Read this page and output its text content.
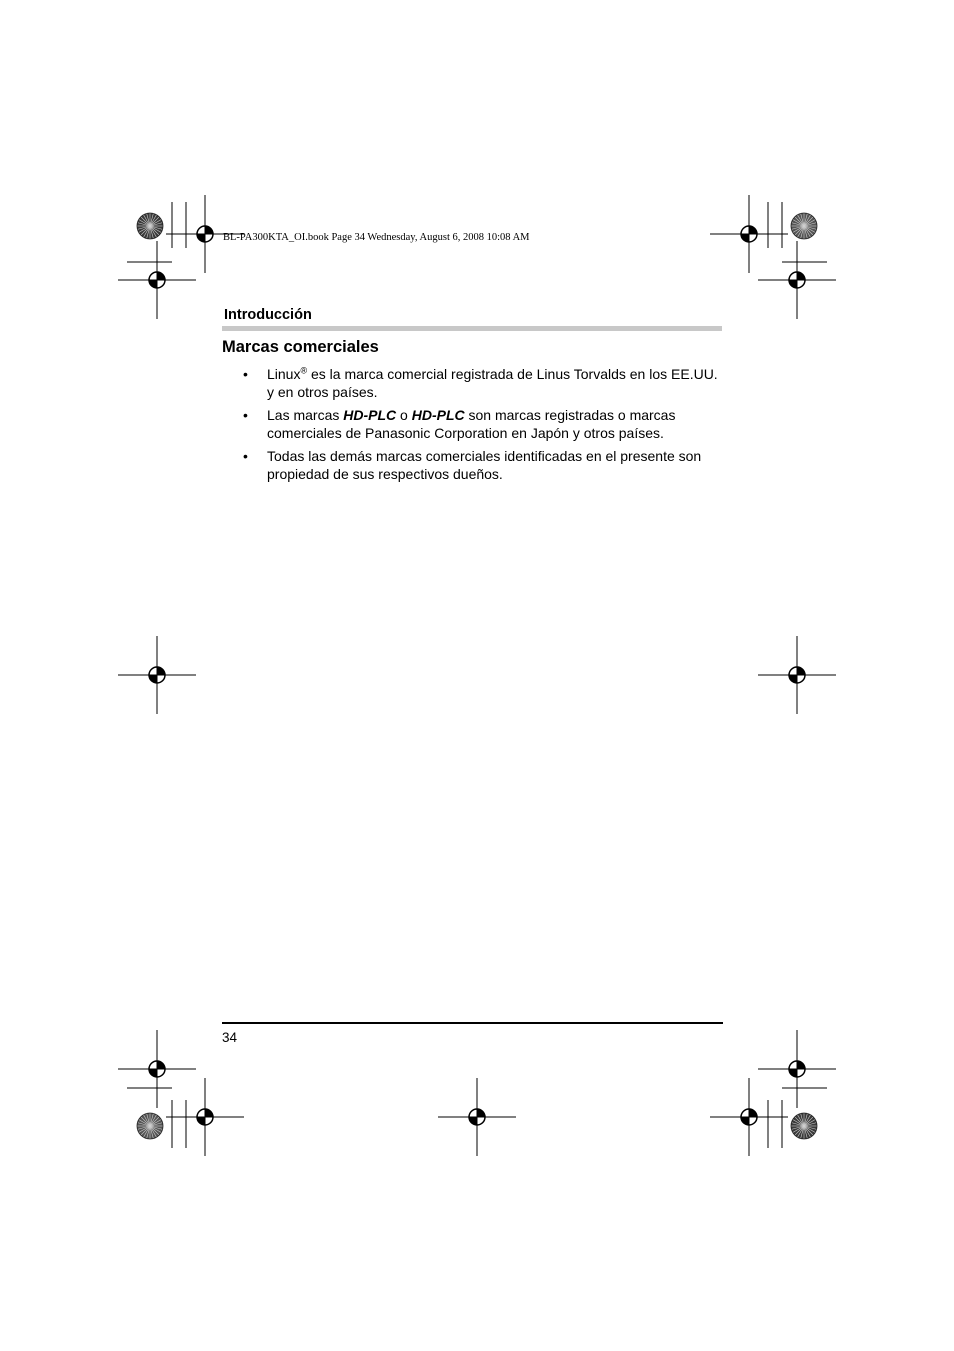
BL-PA300KTA_OI.book Page 34 Wednesday, August 6, 2008 10:08 AM
Introducción
Marcas comerciales
• Linux® es la marca comercial registrada de Linus Torvalds en los EE.UU. y en otros países.
• Las marcas HD-PLC o HD-PLC son marcas registradas o marcas comerciales de Panasonic Corporation en Japón y otros países.
• Todas las demás marcas comerciales identificadas en el presente son propiedad de sus respectivos dueños.
34
